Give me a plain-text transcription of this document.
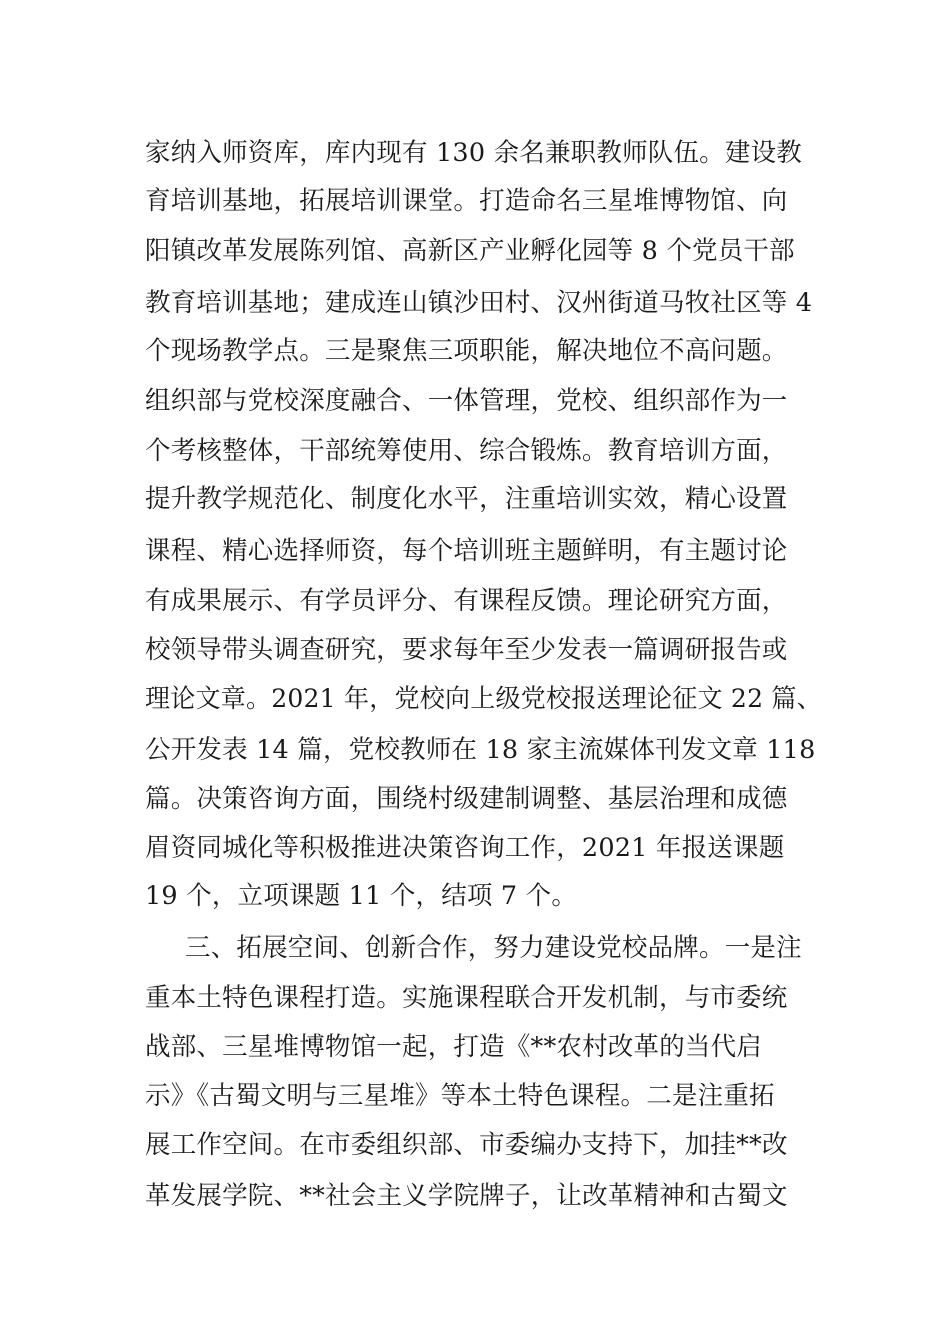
家纳入师资库，库内现有 130 余名兼职教师队伍。建设教
育培训基地，拓展培训课堂。打造命名三星堆博物馆、向
阳镇改革发展陈列馆、高新区产业孵化园等 8 个党员干部
教育培训基地；建成连山镇沙田村、汉州街道马牧社区等 4
个现场教学点。三是聚焦三项职能，解决地位不高问题。
组织部与党校深度融合、一体管理，党校、组织部作为一
个考核整体，干部统筹使用、综合锻炼。教育培训方面，
提升教学规范化、制度化水平，注重培训实效，精心设置
课程、精心选择师资，每个培训班主题鲜明，有主题讨论
有成果展示、有学员评分、有课程反馈。理论研究方面，
校领导带头调查研究，要求每年至少发表一篇调研报告或
理论文章。2021 年，党校向上级党校报送理论征文 22 篇、
公开发表 14 篇，党校教师在 18 家主流媒体刊发文章 118
篇。决策咨询方面，围绕村级建制调整、基层治理和成德
眉资同城化等积极推进决策咨询工作，2021 年报送课题
19 个，立项课题 11 个，结项 7 个。
三、拓展空间、创新合作，努力建设党校品牌。一是注
重本土特色课程打造。实施课程联合开发机制，与市委统
战部、三星堆博物馆一起，打造《**农村改革的当代启
示》《古蜀文明与三星堆》等本土特色课程。二是注重拓
展工作空间。在市委组织部、市委编办支持下，加挂**改
革发展学院、**社会主义学院牌子，让改革精神和古蜀文
